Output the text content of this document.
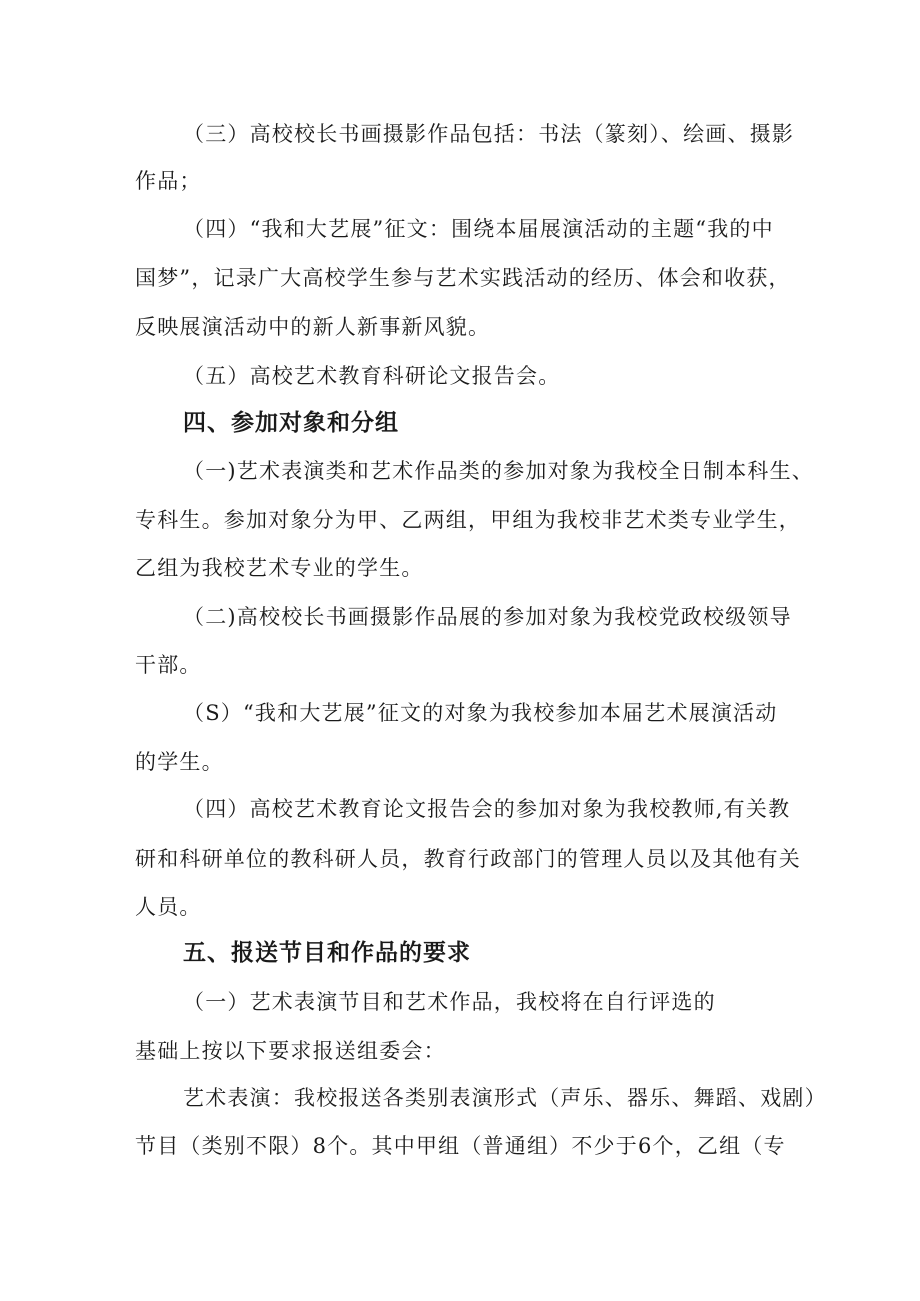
（三）高校校长书画摄影作品包括：书法（篆刻）、绘画、摄影
作品；
（四）“我和大艺展”征文：围绕本届展演活动的主题“我的中
国梦”，记录广大高校学生参与艺术实践活动的经历、体会和收获，
反映展演活动中的新人新事新风貌。
（五）高校艺术教育科研论文报告会。
四、参加对象和分组
（一)艺术表演类和艺术作品类的参加对象为我校全日制本科生、
专科生。参加对象分为甲、乙两组，甲组为我校非艺术类专业学生，
乙组为我校艺术专业的学生。
（二)高校校长书画摄影作品展的参加对象为我校党政校级领导
干部。
（S）“我和大艺展”征文的对象为我校参加本届艺术展演活动
的学生。
（四）高校艺术教育论文报告会的参加对象为我校教师,有关教
研和科研单位的教科研人员，教育行政部门的管理人员以及其他有关
人员。
五、报送节目和作品的要求
（一）艺术表演节目和艺术作品，我校将在自行评选的
基础上按以下要求报送组委会：
艺术表演：我校报送各类别表演形式（声乐、器乐、舞蹈、戏剧）
节目（类别不限）8个。其中甲组（普通组）不少于6个，乙组（专
